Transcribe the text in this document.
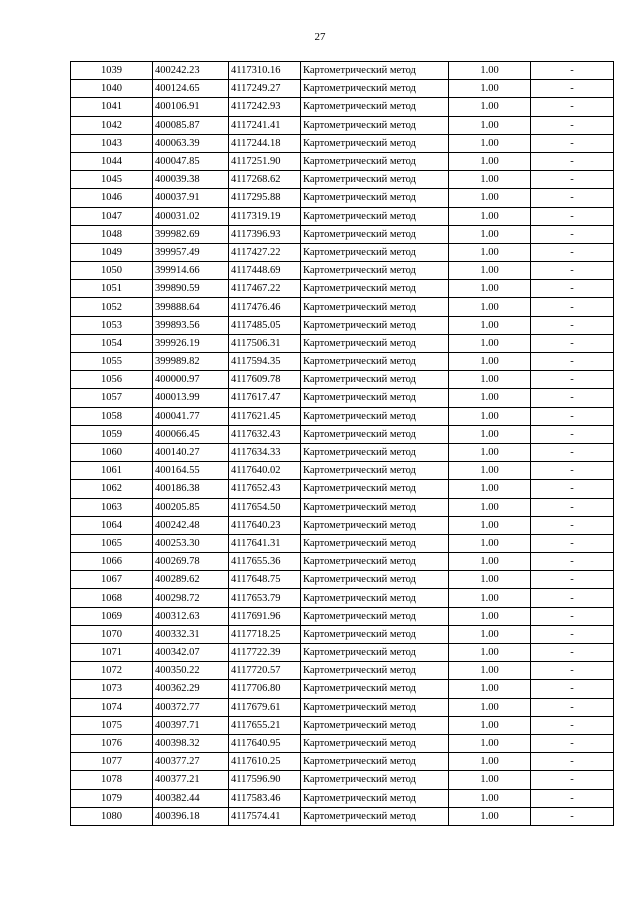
27
1039	400242.23	4117310.16	Картометрический метод	1.00	-
1040	400124.65	4117249.27	Картометрический метод	1.00	-
1041	400106.91	4117242.93	Картометрический метод	1.00	-
1042	400085.87	4117241.41	Картометрический метод	1.00	-
1043	400063.39	4117244.18	Картометрический метод	1.00	-
1044	400047.85	4117251.90	Картометрический метод	1.00	-
1045	400039.38	4117268.62	Картометрический метод	1.00	-
1046	400037.91	4117295.88	Картометрический метод	1.00	-
1047	400031.02	4117319.19	Картометрический метод	1.00	-
1048	399982.69	4117396.93	Картометрический метод	1.00	-
1049	399957.49	4117427.22	Картометрический метод	1.00	-
1050	399914.66	4117448.69	Картометрический метод	1.00	-
1051	399890.59	4117467.22	Картометрический метод	1.00	-
1052	399888.64	4117476.46	Картометрический метод	1.00	-
1053	399893.56	4117485.05	Картометрический метод	1.00	-
1054	399926.19	4117506.31	Картометрический метод	1.00	-
1055	399989.82	4117594.35	Картометрический метод	1.00	-
1056	400000.97	4117609.78	Картометрический метод	1.00	-
1057	400013.99	4117617.47	Картометрический метод	1.00	-
1058	400041.77	4117621.45	Картометрический метод	1.00	-
1059	400066.45	4117632.43	Картометрический метод	1.00	-
1060	400140.27	4117634.33	Картометрический метод	1.00	-
1061	400164.55	4117640.02	Картометрический метод	1.00	-
1062	400186.38	4117652.43	Картометрический метод	1.00	-
1063	400205.85	4117654.50	Картометрический метод	1.00	-
1064	400242.48	4117640.23	Картометрический метод	1.00	-
1065	400253.30	4117641.31	Картометрический метод	1.00	-
1066	400269.78	4117655.36	Картометрический метод	1.00	-
1067	400289.62	4117648.75	Картометрический метод	1.00	-
1068	400298.72	4117653.79	Картометрический метод	1.00	-
1069	400312.63	4117691.96	Картометрический метод	1.00	-
1070	400332.31	4117718.25	Картометрический метод	1.00	-
1071	400342.07	4117722.39	Картометрический метод	1.00	-
1072	400350.22	4117720.57	Картометрический метод	1.00	-
1073	400362.29	4117706.80	Картометрический метод	1.00	-
1074	400372.77	4117679.61	Картометрический метод	1.00	-
1075	400397.71	4117655.21	Картометрический метод	1.00	-
1076	400398.32	4117640.95	Картометрический метод	1.00	-
1077	400377.27	4117610.25	Картометрический метод	1.00	-
1078	400377.21	4117596.90	Картометрический метод	1.00	-
1079	400382.44	4117583.46	Картометрический метод	1.00	-
1080	400396.18	4117574.41	Картометрический метод	1.00	-
